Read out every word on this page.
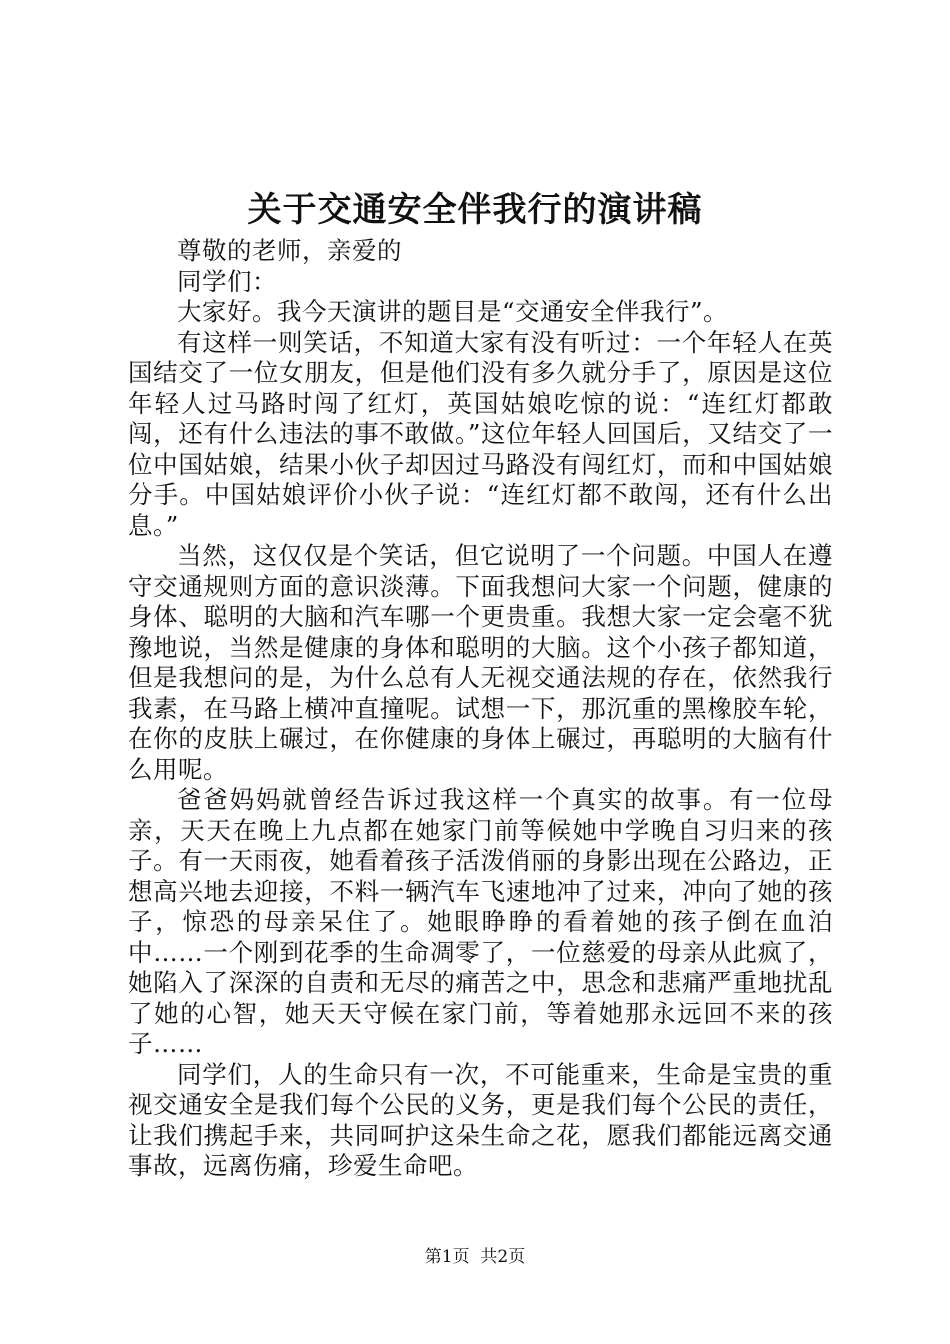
关于交通安全伴我行的演讲稿

尊敬的老师，亲爱的

同学们：

大家好。我今天演讲的题目是“交通安全伴我行”。

有这样一则笑话，不知道大家有没有听过：一个年轻人在英国结交了一位女朋友，但是他们没有多久就分手了，原因是这位年轻人过马路时闯了红灯，英国姑娘吃惊的说：“连红灯都敢闯，还有什么违法的事不敢做。”这位年轻人回国后，又结交了一位中国姑娘，结果小伙子却因过马路没有闯红灯，而和中国姑娘分手。中国姑娘评价小伙子说：“连红灯都不敢闯，还有什么出息。”

当然，这仅仅是个笑话，但它说明了一个问题。中国人在遵守交通规则方面的意识淡薄。下面我想问大家一个问题，健康的身体、聪明的大脑和汽车哪一个更贵重。我想大家一定会毫不犹豫地说，当然是健康的身体和聪明的大脑。这个小孩子都知道，但是我想问的是，为什么总有人无视交通法规的存在，依然我行我素，在马路上横冲直撞呢。试想一下，那沉重的黑橡胶车轮，在你的皮肤上碾过，在你健康的身体上碾过，再聪明的大脑有什么用呢。

爸爸妈妈就曾经告诉过我这样一个真实的故事。有一位母亲，天天在晚上九点都在她家门前等候她中学晚自习归来的孩子。有一天雨夜，她看着孩子活泼俏丽的身影出现在公路边，正想高兴地去迎接，不料一辆汽车飞速地冲了过来，冲向了她的孩子，惊恐的母亲呆住了。她眼睁睁的看着她的孩子倒在血泊中……一个刚到花季的生命凋零了，一位慈爱的母亲从此疯了，她陷入了深深的自责和无尽的痛苦之中，思念和悲痛严重地扰乱了她的心智，她天天守候在家门前，等着她那永远回不来的孩子……

同学们，人的生命只有一次，不可能重来，生命是宝贵的重视交通安全是我们每个公民的义务，更是我们每个公民的责任，让我们携起手来，共同呵护这朵生命之花，愿我们都能远离交通事故，远离伤痛，珍爱生命吧。

第1页 共2页
